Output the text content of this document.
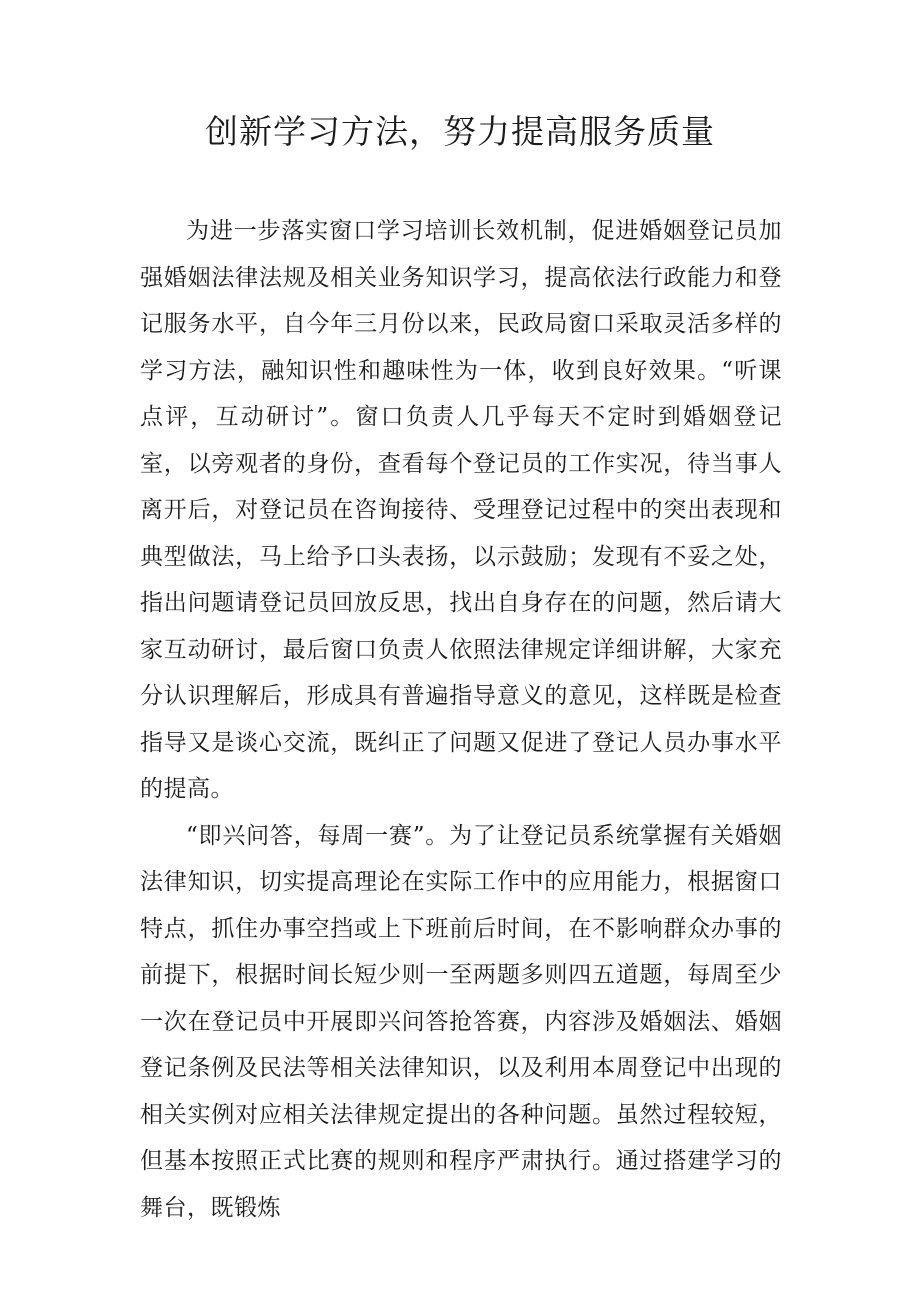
创新学习方法，努力提高服务质量

为进一步落实窗口学习培训长效机制，促进婚姻登记员加强婚姻法律法规及相关业务知识学习，提高依法行政能力和登记服务水平，自今年三月份以来，民政局窗口采取灵活多样的学习方法，融知识性和趣味性为一体，收到良好效果。“听课点评，互动研讨”。窗口负责人几乎每天不定时到婚姻登记室，以旁观者的身份，查看每个登记员的工作实况，待当事人离开后，对登记员在咨询接待、受理登记过程中的突出表现和典型做法，马上给予口头表扬，以示鼓励；发现有不妥之处，指出问题请登记员回放反思，找出自身存在的问题，然后请大家互动研讨，最后窗口负责人依照法律规定详细讲解，大家充分认识理解后，形成具有普遍指导意义的意见，这样既是检查指导又是谈心交流，既纠正了问题又促进了登记人员办事水平的提高。

“即兴问答，每周一赛”。为了让登记员系统掌握有关婚姻法律知识，切实提高理论在实际工作中的应用能力，根据窗口特点，抓住办事空挡或上下班前后时间，在不影响群众办事的前提下，根据时间长短少则一至两题多则四五道题，每周至少一次在登记员中开展即兴问答抢答赛，内容涉及婚姻法、婚姻登记条例及民法等相关法律知识，以及利用本周登记中出现的相关实例对应相关法律规定提出的各种问题。虽然过程较短，但基本按照正式比赛的规则和程序严肃执行。通过搭建学习的舞台，既锻炼
